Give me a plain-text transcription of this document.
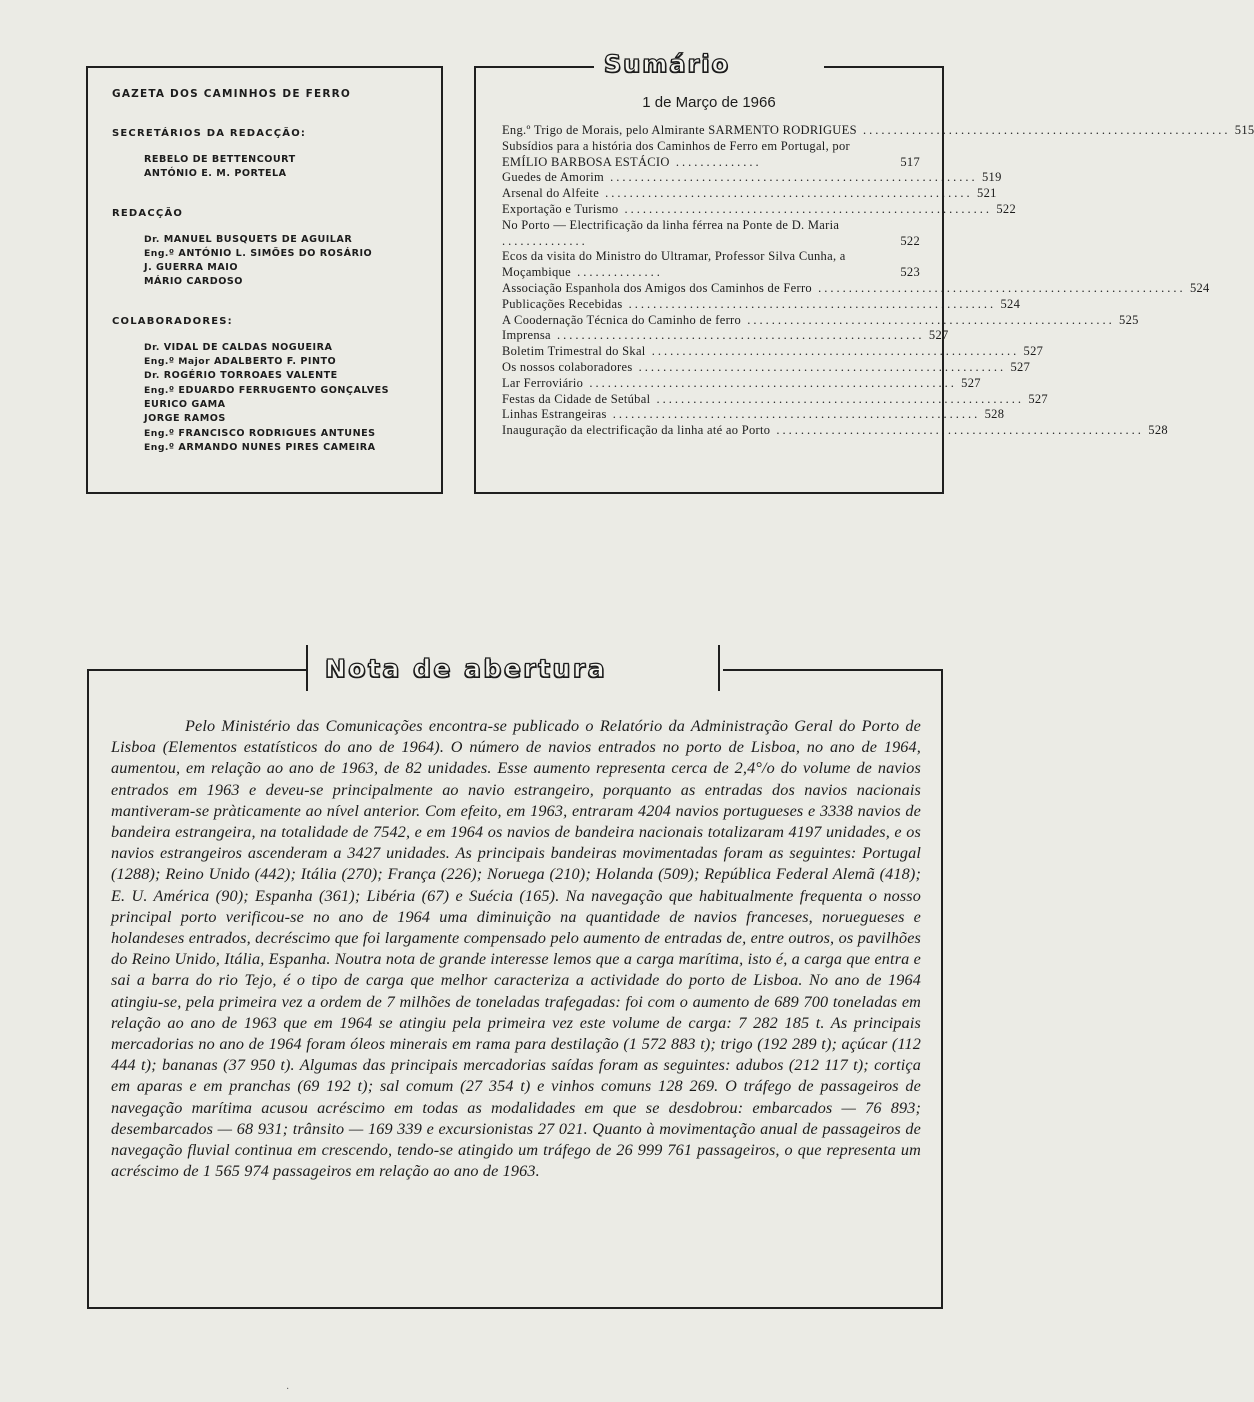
GAZETA DOS CAMINHOS DE FERRO
SECRETÁRIOS DA REDACÇÃO:
REBELO DE BETTENCOURT
ANTÓNIO E. M. PORTELA
REDACÇÃO
Dr. MANUEL BUSQUETS DE AGUILAR
Eng.º ANTÓNIO L. SIMÕES DO ROSÁRIO
J. GUERRA MAIO
MÁRIO CARDOSO
COLABORADORES:
Dr. VIDAL DE CALDAS NOGUEIRA
Eng.º Major ADALBERTO F. PINTO
Dr. ROGÉRIO TORROAES VALENTE
Eng.º EDUARDO FERRUGENTO GONÇALVES
EURICO GAMA
JORGE RAMOS
Eng.º FRANCISCO RODRIGUES ANTUNES
Eng.º ARMANDO NUNES PIRES CAMEIRA
Sumário
1 de Março de 1966
Eng.º Trigo de Morais, pelo Almirante SARMENTO RODRIGUES ............................................................ 515
Subsídios para a história dos Caminhos de Ferro em Portugal, por EMÍLIO BARBOSA ESTÁCIO ..............	517
Guedes de Amorim ............................................................ 519
Arsenal do Alfeite ............................................................ 521
Exportação e Turismo ............................................................ 522
No Porto — Electrificação da linha férrea na Ponte de D. Maria ..............	522
Ecos da visita do Ministro do Ultramar, Professor Silva Cunha, a Moçambique ..............	523
Associação Espanhola dos Amigos dos Caminhos de Ferro ............................................................ 524
Publicações Recebidas ............................................................ 524
A Coodernação Técnica do Caminho de ferro ............................................................ 525
Imprensa ............................................................ 527
Boletim Trimestral do Skal ............................................................ 527
Os nossos colaboradores ............................................................ 527
Lar Ferroviário ............................................................ 527
Festas da Cidade de Setúbal ............................................................ 527
Linhas Estrangeiras ............................................................ 528
Inauguração da electrificação da linha até ao Porto ............................................................ 528
Nota de abertura

Pelo Ministério das Comunicações encontra-se publicado o Relatório da Administração Geral do Porto de Lisboa (Elementos estatísticos do ano de 1964). O número de navios entrados no porto de Lisboa, no ano de 1964, aumentou, em relação ao ano de 1963, de 82 unidades. Esse aumento representa cerca de 2,4°/o do volume de navios entrados em 1963 e deveu-se principalmente ao navio estrangeiro, porquanto as entradas dos navios nacionais mantiveram-se pràticamente ao nível anterior. Com efeito, em 1963, entraram 4204 navios portugueses e 3338 navios de bandeira estrangeira, na totalidade de 7542, e em 1964 os navios de bandeira nacionais totalizaram 4197 unidades, e os navios estrangeiros ascenderam a 3427 unidades. As principais bandeiras movimentadas foram as seguintes: Portugal (1288); Reino Unido (442); Itália (270); França (226); Noruega (210); Holanda (509); República Federal Alemã (418); E. U. América (90); Espanha (361); Libéria (67) e Suécia (165). Na navegação que habitualmente frequenta o nosso principal porto verificou-se no ano de 1964 uma diminuição na quantidade de navios franceses, noruegueses e holandeses entrados, decréscimo que foi largamente compensado pelo aumento de entradas de, entre outros, os pavilhões do Reino Unido, Itália, Espanha. Noutra nota de grande interesse lemos que a carga marítima, isto é, a carga que entra e sai a barra do rio Tejo, é o tipo de carga que melhor caracteriza a actividade do porto de Lisboa. No ano de 1964 atingiu-se, pela primeira vez a ordem de 7 milhões de toneladas trafegadas: foi com o aumento de 689 700 toneladas em relação ao ano de 1963 que em 1964 se atingiu pela primeira vez este volume de carga: 7 282 185 t. As principais mercadorias no ano de 1964 foram óleos minerais em rama para destilação (1 572 883 t); trigo (192 289 t); açúcar (112 444 t); bananas (37 950 t). Algumas das principais mercadorias saídas foram as seguintes: adubos (212 117 t); cortiça em aparas e em pranchas (69 192 t); sal comum (27 354 t) e vinhos comuns 128 269. O tráfego de passageiros de navegação marítima acusou acréscimo em todas as modalidades em que se desdobrou: embarcados — 76 893; desembarcados — 68 931; trânsito — 169 339 e excursionistas 27 021. Quanto à movimentação anual de passageiros de navegação fluvial continua em crescendo, tendo-se atingido um tráfego de 26 999 761 passageiros, o que representa um acréscimo de 1 565 974 passageiros em relação ao ano de 1963.

·
